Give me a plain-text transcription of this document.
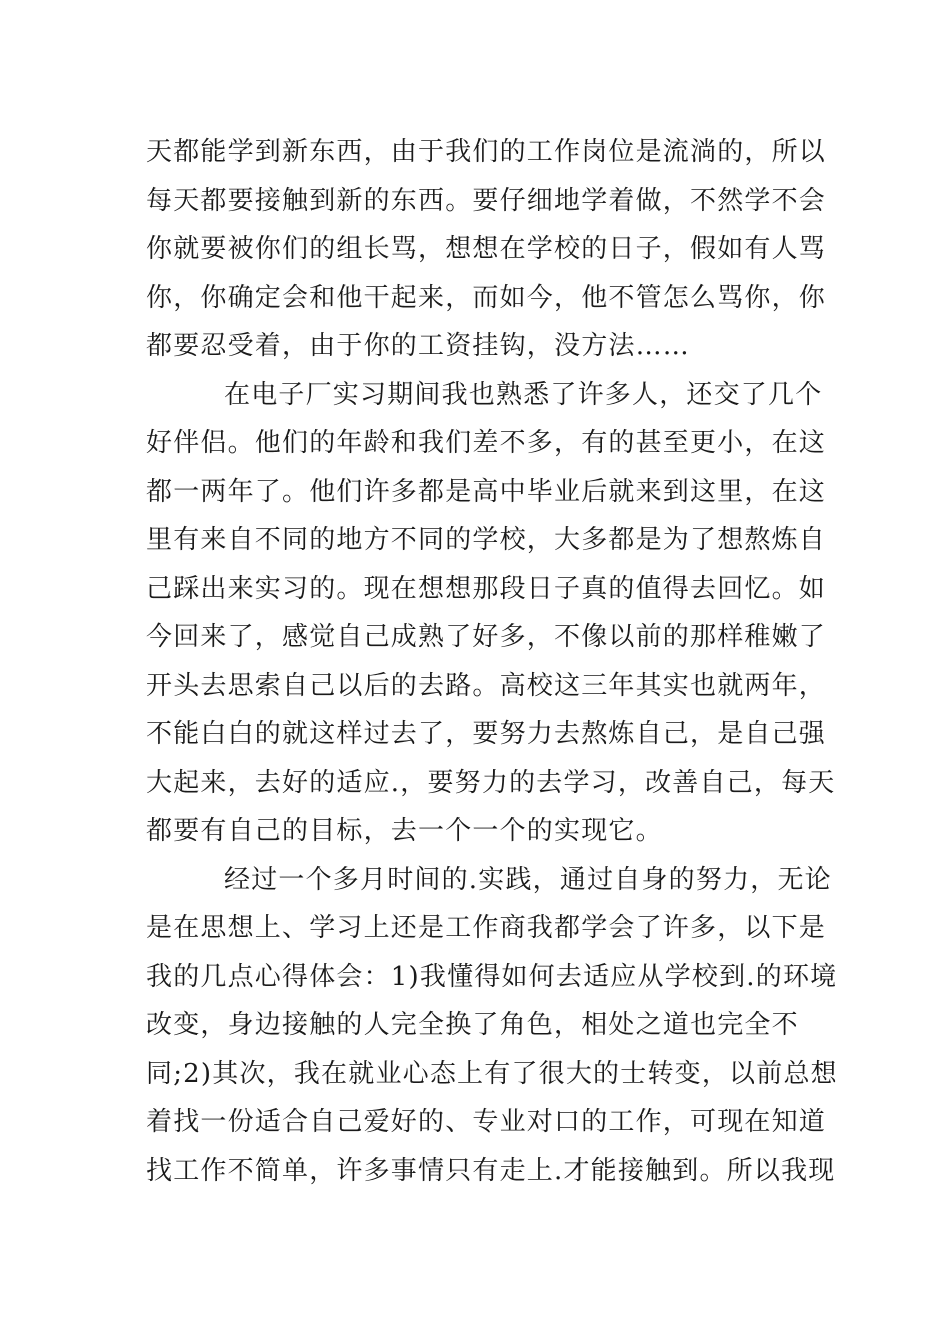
天都能学到新东西，由于我们的工作岗位是流淌的，所以
每天都要接触到新的东西。要仔细地学着做，不然学不会
你就要被你们的组长骂，想想在学校的日子，假如有人骂
你，你确定会和他干起来，而如今，他不管怎么骂你，你
都要忍受着，由于你的工资挂钩，没方法……
在电子厂实习期间我也熟悉了许多人，还交了几个
好伴侣。他们的年龄和我们差不多，有的甚至更小，在这
都一两年了。他们许多都是高中毕业后就来到这里，在这
里有来自不同的地方不同的学校，大多都是为了想熬炼自
己踩出来实习的。现在想想那段日子真的值得去回忆。如
今回来了，感觉自己成熟了好多，不像以前的那样稚嫩了
开头去思索自己以后的去路。高校这三年其实也就两年，
不能白白的就这样过去了，要努力去熬炼自己，是自己强
大起来，去好的适应.，要努力的去学习，改善自己，每天
都要有自己的目标，去一个一个的实现它。
经过一个多月时间的.实践，通过自身的努力，无论
是在思想上、学习上还是工作商我都学会了许多，以下是
我的几点心得体会：1)我懂得如何去适应从学校到.的环境
改变，身边接触的人完全换了角色，相处之道也完全不
同;2)其次，我在就业心态上有了很大的士转变，以前总想
着找一份适合自己爱好的、专业对口的工作，可现在知道
找工作不简单，许多事情只有走上.才能接触到。所以我现
